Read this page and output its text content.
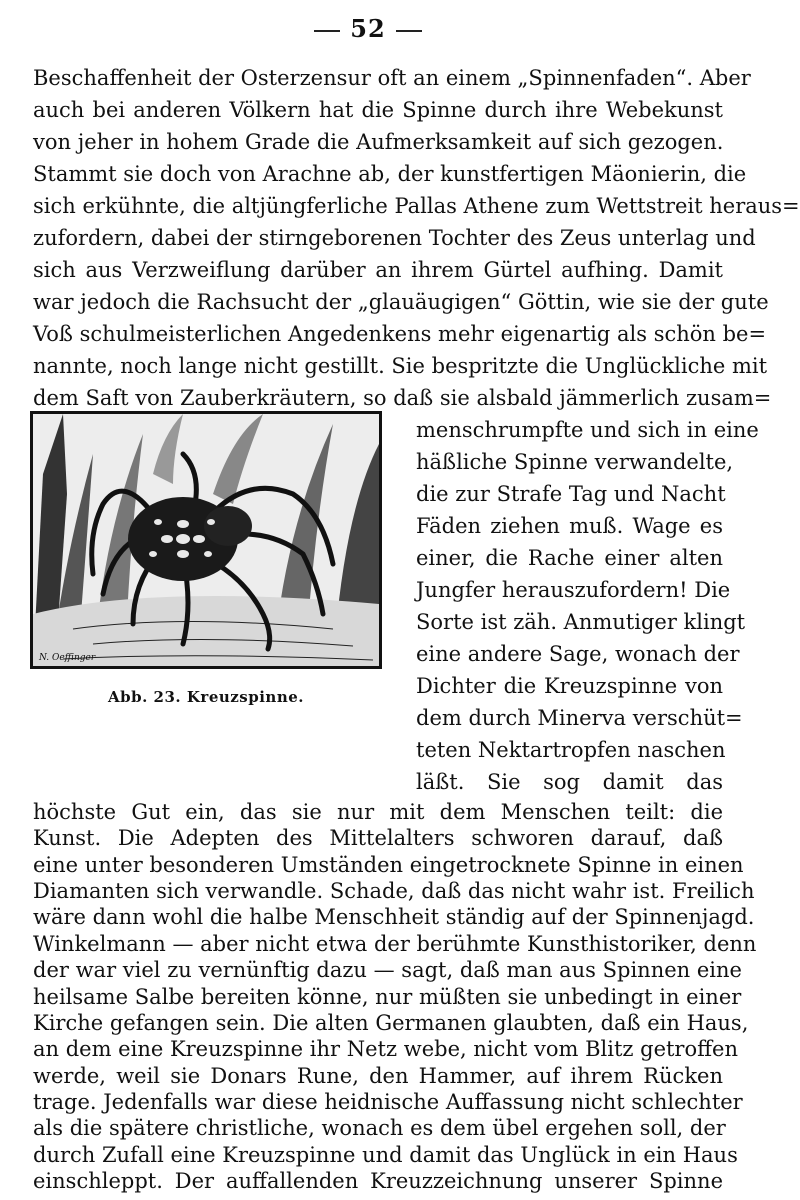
52
Beschaffenheit der Osterzensur oft an einem „Spinnenfaden“. Aber
auch bei anderen Völkern hat die Spinne durch ihre Webekunst
von jeher in hohem Grade die Aufmerksamkeit auf sich gezogen.
Stammt sie doch von Arachne ab, der kunstfertigen Mäonierin, die
sich erkühnte, die altjüngferliche Pallas Athene zum Wettstreit heraus=
zufordern, dabei der stirngeborenen Tochter des Zeus unterlag und
sich aus Verzweiflung darüber an ihrem Gürtel aufhing. Damit
war jedoch die Rachsucht der „glauäugigen“ Göttin, wie sie der gute
Voß schulmeisterlichen Angedenkens mehr eigenartig als schön be=
nannte, noch lange nicht gestillt. Sie bespritzte die Unglückliche mit
dem Saft von Zauberkräutern, so daß sie alsbald jämmerlich zusam=
menschrumpfte und sich in eine
häßliche Spinne verwandelte,
die zur Strafe Tag und Nacht
Fäden ziehen muß. Wage es
einer, die Rache einer alten
Jungfer herauszufordern! Die
Sorte ist zäh. Anmutiger klingt
eine andere Sage, wonach der
Dichter die Kreuzspinne von
dem durch Minerva verschüt=
teten Nektartropfen naschen
läßt. Sie sog damit das
N. Oeffinger
Abb. 23. Kreuzspinne.
höchste Gut ein, das sie nur mit dem Menschen teilt: die
Kunst. Die Adepten des Mittelalters schworen darauf, daß
eine unter besonderen Umständen eingetrocknete Spinne in einen
Diamanten sich verwandle. Schade, daß das nicht wahr ist. Freilich
wäre dann wohl die halbe Menschheit ständig auf der Spinnenjagd.
Winkelmann — aber nicht etwa der berühmte Kunsthistoriker, denn
der war viel zu vernünftig dazu — sagt, daß man aus Spinnen eine
heilsame Salbe bereiten könne, nur müßten sie unbedingt in einer
Kirche gefangen sein. Die alten Germanen glaubten, daß ein Haus,
an dem eine Kreuzspinne ihr Netz webe, nicht vom Blitz getroffen
werde, weil sie Donars Rune, den Hammer, auf ihrem Rücken
trage. Jedenfalls war diese heidnische Auffassung nicht schlechter
als die spätere christliche, wonach es dem übel ergehen soll, der
durch Zufall eine Kreuzspinne und damit das Unglück in ein Haus
einschleppt. Der auffallenden Kreuzzeichnung unserer Spinne
